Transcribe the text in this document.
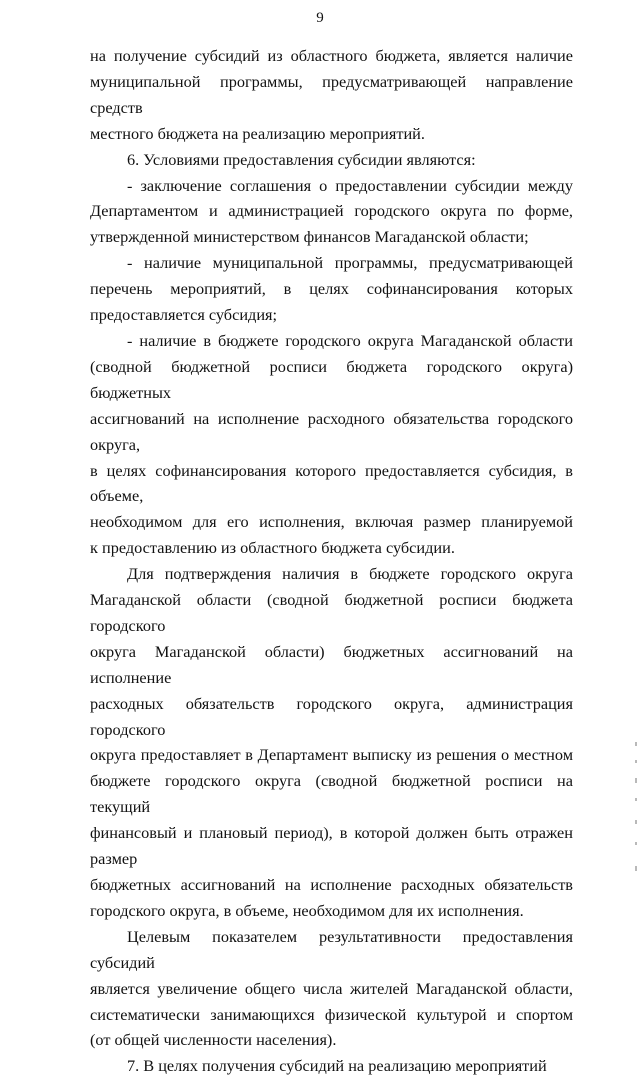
9

на получение субсидий из областного бюджета, является наличие

муниципальной программы, предусматривающей направление средств

местного бюджета на реализацию мероприятий.

6. Условиями предоставления субсидии являются:

- заключение соглашения о предоставлении субсидии между

Департаментом и администрацией городского округа по форме,

утвержденной министерством финансов Магаданской области;

- наличие муниципальной программы, предусматривающей

перечень мероприятий, в целях софинансирования которых

предоставляется субсидия;

- наличие в бюджете городского округа Магаданской области

(сводной бюджетной росписи бюджета городского округа) бюджетных

ассигнований на исполнение расходного обязательства городского округа,

в целях софинансирования которого предоставляется субсидия, в объеме,

необходимом для его исполнения, включая размер планируемой

к предоставлению из областного бюджета субсидии.

Для подтверждения наличия в бюджете городского округа

Магаданской области (сводной бюджетной росписи бюджета городского

округа Магаданской области) бюджетных ассигнований на исполнение

расходных обязательств городского округа, администрация городского

округа предоставляет в Департамент выписку из решения о местном

бюджете городского округа (сводной бюджетной росписи на текущий

финансовый и плановый период), в которой должен быть отражен размер

бюджетных ассигнований на исполнение расходных обязательств

городского округа, в объеме, необходимом для их исполнения.

Целевым показателем результативности предоставления субсидий

является увеличение общего числа жителей Магаданской области,

систематически занимающихся физической культурой и спортом

(от общей численности населения).

7. В целях получения субсидий на реализацию мероприятий
